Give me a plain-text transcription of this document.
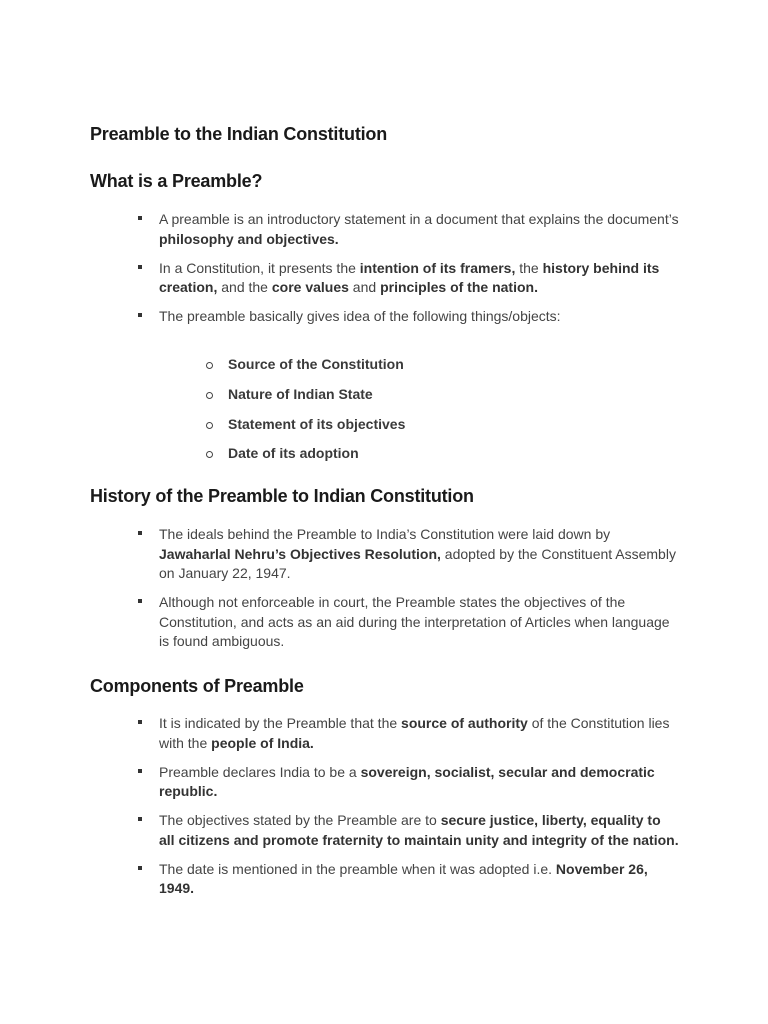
Preamble to the Indian Constitution
What is a Preamble?
A preamble is an introductory statement in a document that explains the document’s philosophy and objectives.
In a Constitution, it presents the intention of its framers, the history behind its creation, and the core values and principles of the nation.
The preamble basically gives idea of the following things/objects:
Source of the Constitution
Nature of Indian State
Statement of its objectives
Date of its adoption
History of the Preamble to Indian Constitution
The ideals behind the Preamble to India’s Constitution were laid down by Jawaharlal Nehru’s Objectives Resolution, adopted by the Constituent Assembly on January 22, 1947.
Although not enforceable in court, the Preamble states the objectives of the Constitution, and acts as an aid during the interpretation of Articles when language is found ambiguous.
Components of Preamble
It is indicated by the Preamble that the source of authority of the Constitution lies with the people of India.
Preamble declares India to be a sovereign, socialist, secular and democratic republic.
The objectives stated by the Preamble are to secure justice, liberty, equality to all citizens and promote fraternity to maintain unity and integrity of the nation.
The date is mentioned in the preamble when it was adopted i.e. November 26, 1949.
